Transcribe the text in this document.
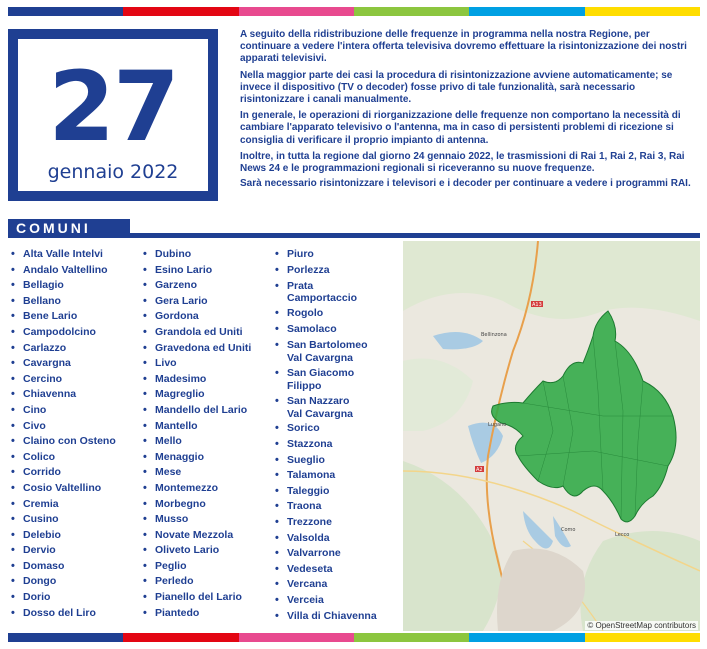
27
gennaio 2022

A seguito della ridistribuzione delle frequenze in programma nella nostra Regione, per continuare a vedere l'intera offerta televisiva dovremo effettuare la risintonizzazione dei nostri apparati televisivi.

Nella maggior parte dei casi la procedura di risintonizzazione avviene automaticamente; se invece il dispositivo (TV o decoder) fosse privo di tale funzionalità, sarà necessario risintonizzare i canali manualmente.

In generale, le operazioni di riorganizzazione delle frequenze non comportano la necessità di cambiare l'apparato televisivo o l'antenna, ma in caso di persistenti problemi di ricezione si consiglia di verificare il proprio impianto di antenna.

Inoltre, in tutta la regione dal giorno 24 gennaio 2022, le trasmissioni di Rai 1, Rai 2, Rai 3, Rai News 24 e le programmazioni regionali si riceveranno su nuove frequenze.

Sarà necessario risintonizzare i televisori e i decoder per continuare a vedere i programmi RAI.

COMUNI
• Alta Valle Intelvi
• Andalo Valtellino
• Bellagio
• Bellano
• Bene Lario
• Campodolcino
• Carlazzo
• Cavargna
• Cercino
• Chiavenna
• Cino
• Civo
• Claino con Osteno
• Colico
• Corrido
• Cosio Valtellino
• Cremia
• Cusino
• Delebio
• Dervio
• Domaso
• Dongo
• Dorio
• Dosso del Liro
• Dubino
• Esino Lario
• Garzeno
• Gera Lario
• Gordona
• Grandola ed Uniti
• Gravedona ed Uniti
• Livo
• Madesimo
• Magreglio
• Mandello del Lario
• Mantello
• Mello
• Menaggio
• Mese
• Montemezzo
• Morbegno
• Musso
• Novate Mezzola
• Oliveto Lario
• Peglio
• Perledo
• Pianello del Lario
• Piantedo
• Piuro
• Porlezza
• Prata
Camportaccio
• Rogolo
• Samolaco
• San Bartolomeo
Val Cavargna
• San Giacomo
Filippo
• San Nazzaro
Val Cavargna
• Sorico
• Stazzona
• Sueglio
• Talamona
• Taleggio
• Traona
• Trezzone
• Valsolda
• Valvarrone
• Vedeseta
• Vercana
• Verceia
• Villa di Chiavenna
Bellinzona
Lugano
Como
Lecco
A13
A2
© OpenStreetMap contributors
